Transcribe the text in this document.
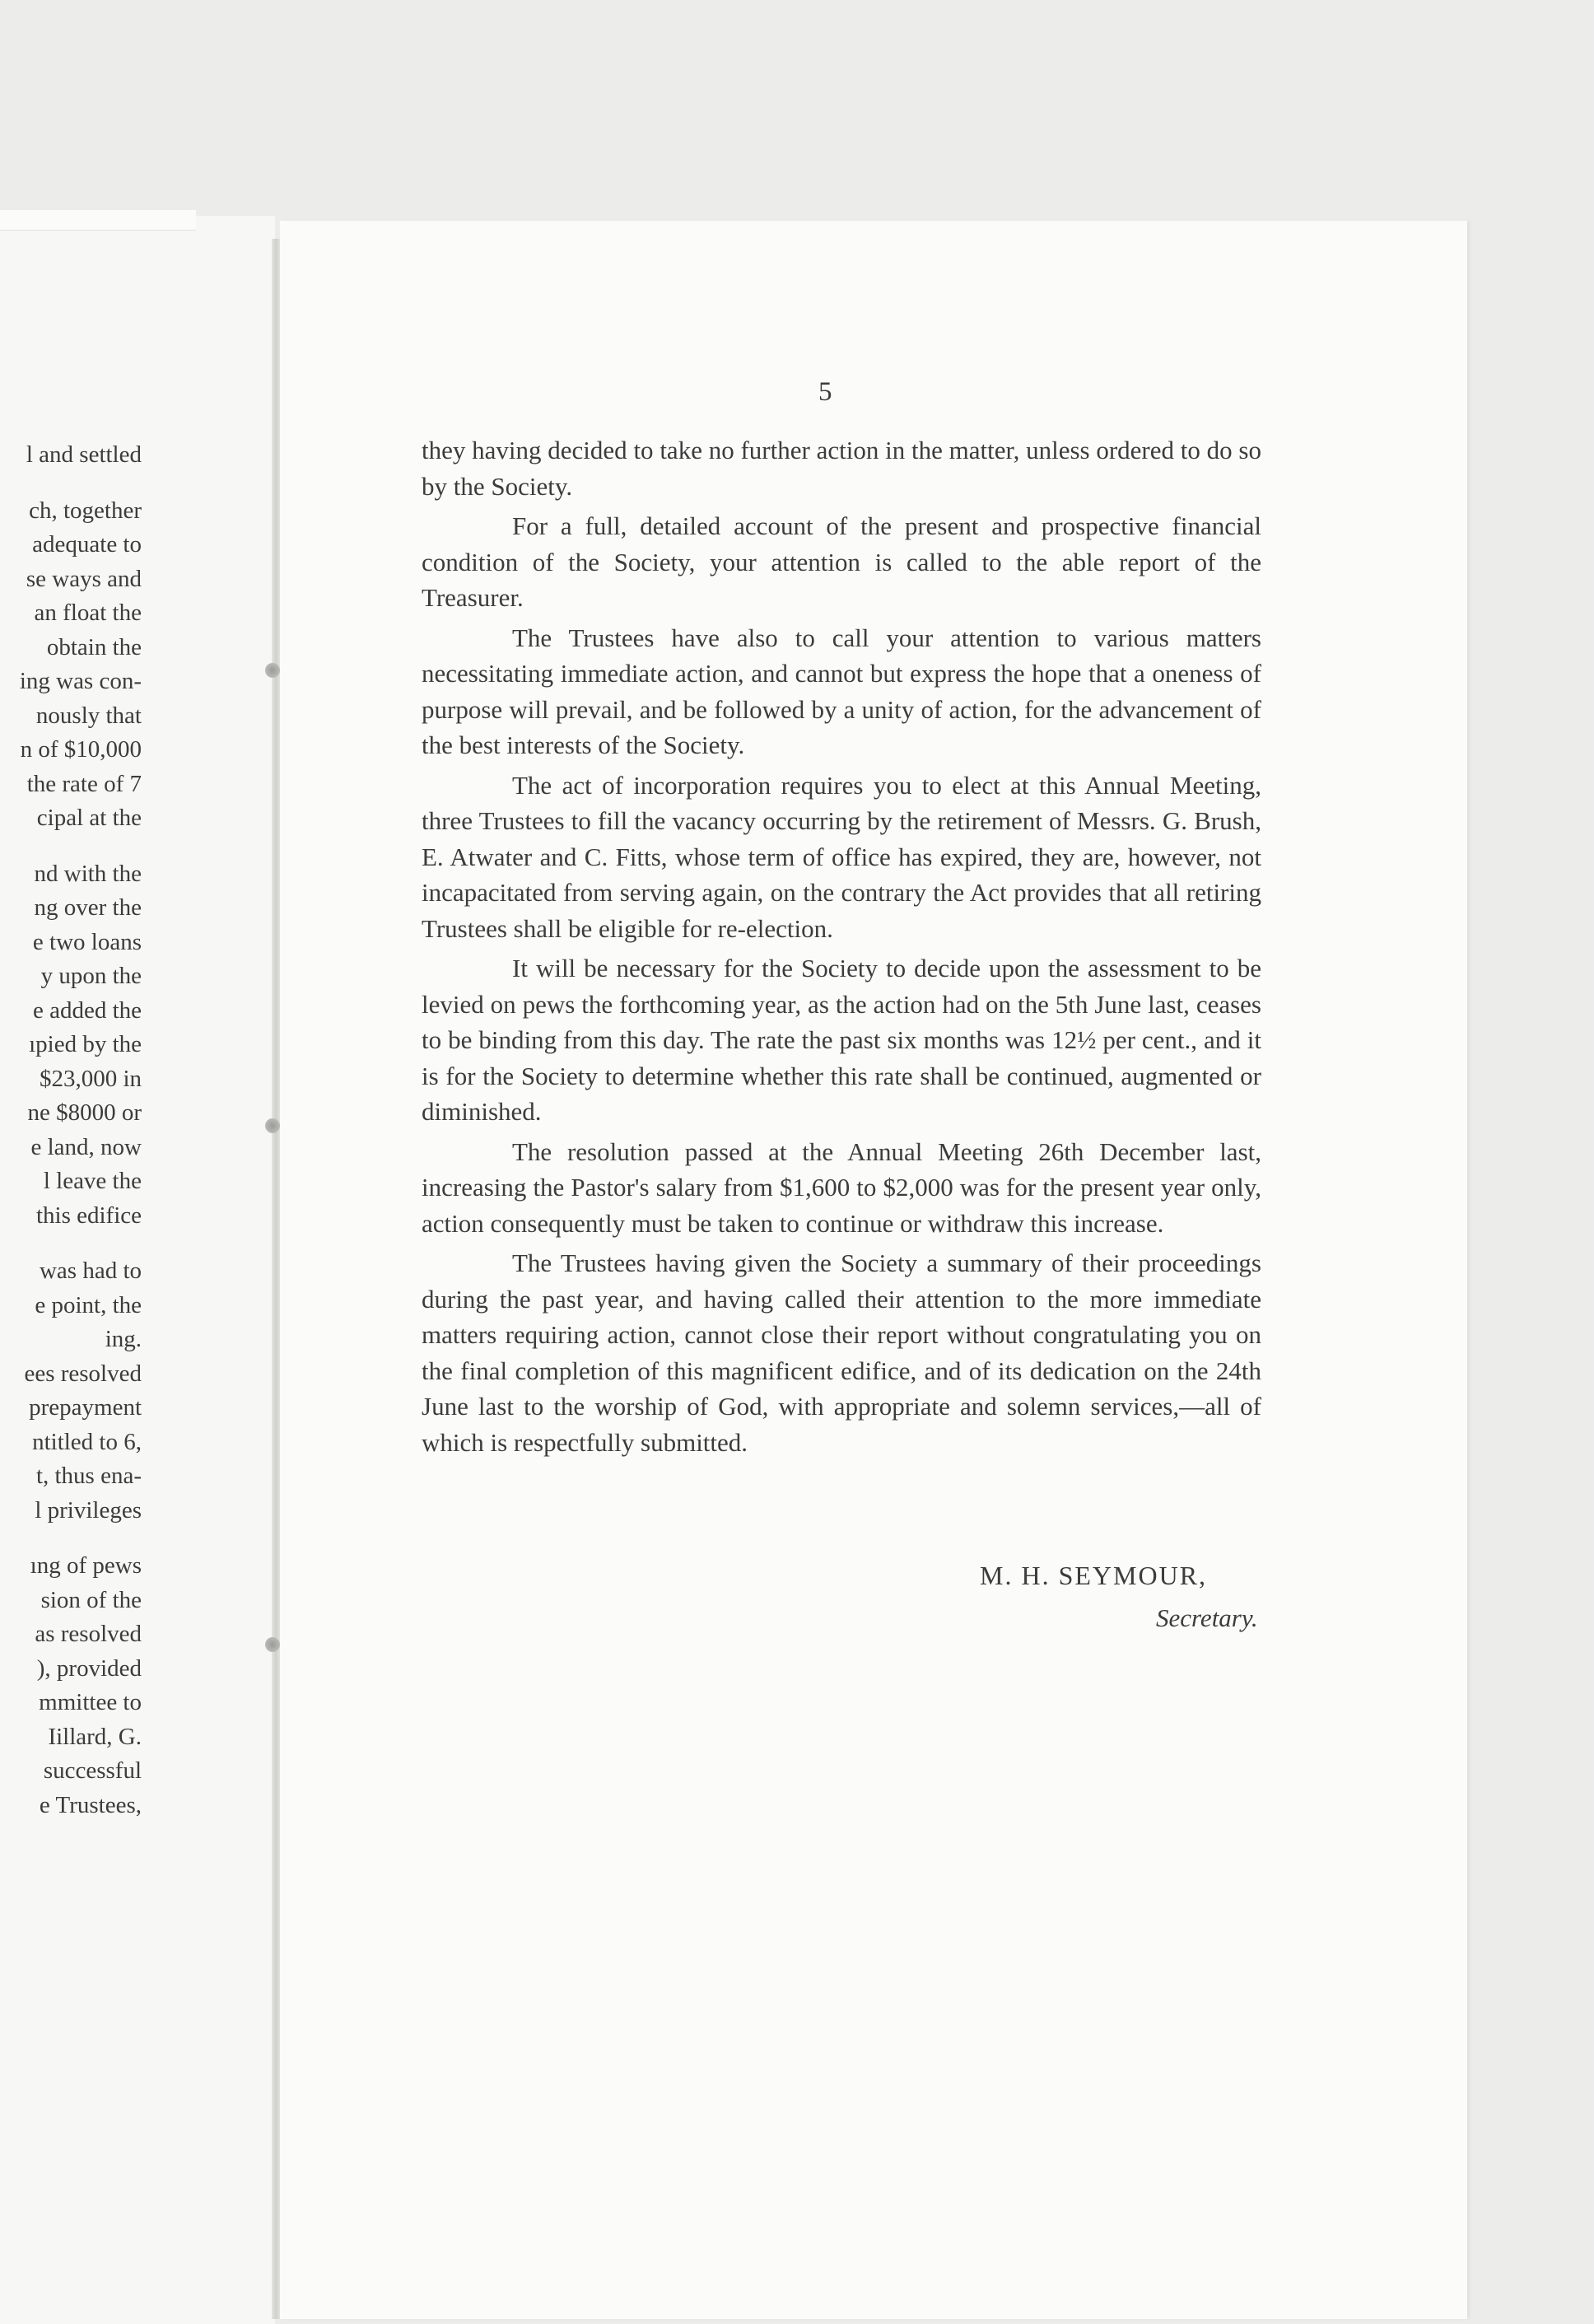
l and settled
ch, together
adequate to
se ways and
an float the
obtain the
ing was con-
nously that
n of $10,000
the rate of 7
cipal at the
nd with the
ng over the
e two loans
y upon the
e added the
ıpied by the
$23,000 in
ne $8000 or
e land, now
l leave the
this edifice
was had to
e point, the
ing.
ees resolved
prepayment
ntitled to 6,
t, thus ena-
l privileges
ıng of pews
sion of the
as resolved
), provided
mmittee to
Iillard, G.
successful
e Trustees,
5

they having decided to take no further action in the matter, unless ordered to do so by the Society.

For a full, detailed account of the present and prospective financial condition of the Society, your attention is called to the able report of the Treasurer.

The Trustees have also to call your attention to various matters necessitating immediate action, and cannot but express the hope that a oneness of purpose will prevail, and be followed by a unity of action, for the advancement of the best interests of the Society.

The act of incorporation requires you to elect at this Annual Meeting, three Trustees to fill the vacancy occurring by the retirement of Messrs. G. Brush, E. Atwater and C. Fitts, whose term of office has expired, they are, however, not incapacitated from serving again, on the contrary the Act provides that all retiring Trustees shall be eligible for re-election.

It will be necessary for the Society to decide upon the assessment to be levied on pews the forthcoming year, as the action had on the 5th June last, ceases to be binding from this day. The rate the past six months was 12½ per cent., and it is for the Society to determine whether this rate shall be continued, augmented or diminished.

The resolution passed at the Annual Meeting 26th December last, increasing the Pastor's salary from $1,600 to $2,000 was for the present year only, action consequently must be taken to continue or withdraw this increase.

The Trustees having given the Society a summary of their proceedings during the past year, and having called their attention to the more immediate matters requiring action, cannot close their report without congratulating you on the final completion of this magnificent edifice, and of its dedication on the 24th June last to the worship of God, with appropriate and solemn services,—all of which is respectfully submitted.

M. H. SEYMOUR,
Secretary.
